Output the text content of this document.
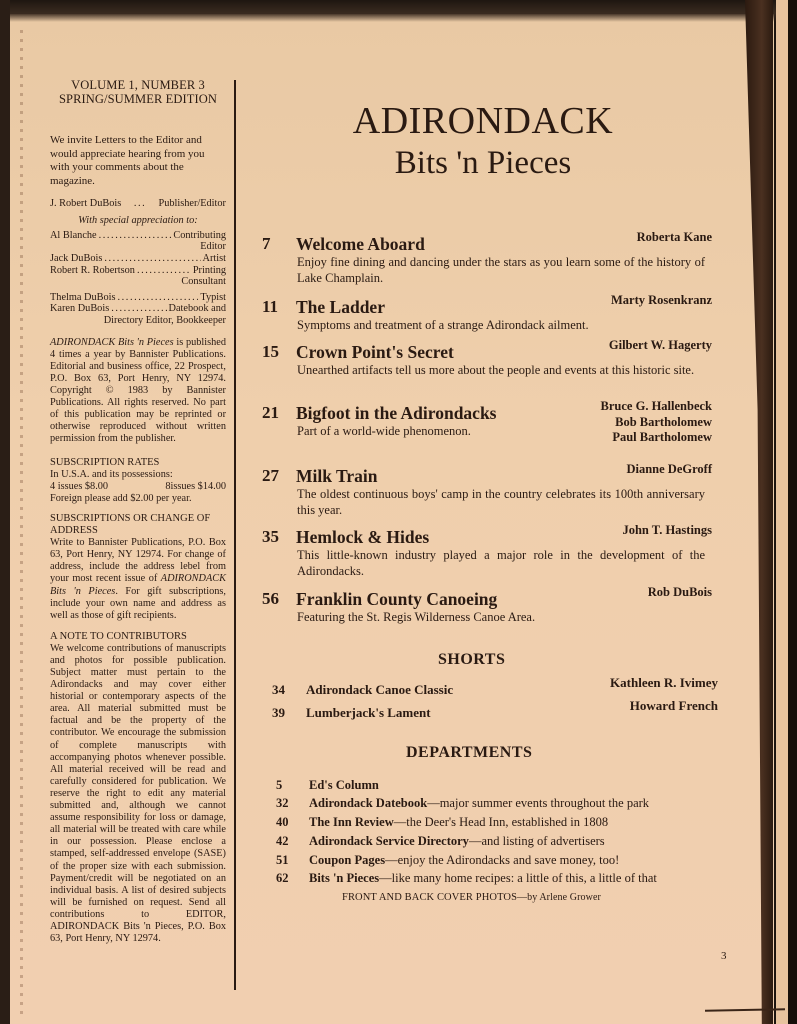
VOLUME 1, NUMBER 3
SPRING/SUMMER EDITION
We invite Letters to the Editor and would appreciate hearing from you with your comments about the magazine.
J. Robert DuBois . . .	Publisher/Editor
With special appreciation to:
Al Blanche . . .	Contributing
Editor
Jack DuBois . . .	Artist
Robert R. Robertson . . .	Printing
Consultant
Thelma DuBois . . .	Typist
Karen DuBois . . .	Datebook and
Directory Editor, Bookkeeper
ADIRONDACK Bits 'n Pieces is published 4 times a year by Bannister Publications. Editorial and business office, 22 Prospect, P.O. Box 63, Port Henry, NY 12974. Copyright © 1983 by Bannister Publications. All rights reserved. No part of this publication may be reprinted or otherwise reproduced without written permission from the publisher.
SUBSCRIPTION RATES
In U.S.A. and its possessions:
4 issues $8.00	8issues $14.00
Foreign please add $2.00 per year.
SUBSCRIPTIONS OR CHANGE OF ADDRESS
Write to Bannister Publications, P.O. Box 63, Port Henry, NY 12974. For change of address, include the address lebel from your most recent issue of ADIRONDACK Bits 'n Pieces. For gift subscriptions, include your own name and address as well as those of gift recipients.
A NOTE TO CONTRIBUTORS
We welcome contributions of manuscripts and photos for possible publication. Subject matter must pertain to the Adirondacks and may cover either historial or contemporary aspects of the area. All material submitted must be factual and be the property of the contributor. We encourage the submission of complete manuscripts with accompanying photos whenever possible. All material received will be read and carefully considered for publication. We reserve the right to edit any material submitted and, although we cannot assume responsibility for loss or damage, all material will be treated with care while in our possession. Please enclose a stamped, self-addressed envelope (SASE) of the proper size with each submission. Payment/credit will be negotiated on an individual basis. A list of desired subjects will be furnished on request. Send all contributions to EDITOR, ADIRONDACK Bits 'n Pieces, P.O. Box 63, Port Henry, NY 12974.
ADIRONDACK
Bits 'n Pieces
7 Welcome Aboard	Roberta Kane
Enjoy fine dining and dancing under the stars as you learn some of the history of Lake Champlain.
11 The Ladder	Marty Rosenkranz
Symptoms and treatment of a strange Adirondack ailment.
15 Crown Point's Secret	Gilbert W. Hagerty
Unearthed artifacts tell us more about the people and events at this historic site.
21 Bigfoot in the Adirondacks	Bruce G. Hallenbeck
Bob Bartholomew
Paul Bartholomew
Part of a world-wide phenomenon.
27 Milk Train	Dianne DeGroff
The oldest continuous boys' camp in the country celebrates its 100th anniversary this year.
35 Hemlock & Hides	John T. Hastings
This little-known industry played a major role in the development of the Adirondacks.
56 Franklin County Canoeing	Rob DuBois
Featuring the St. Regis Wilderness Canoe Area.
SHORTS
34 Adirondack Canoe Classic	Kathleen R. Ivimey
39 Lumberjack's Lament	Howard French
DEPARTMENTS
5 Ed's Column
32 Adirondack Datebook—major summer events throughout the park
40 The Inn Review—the Deer's Head Inn, established in 1808
42 Adirondack Service Directory—and listing of advertisers
51 Coupon Pages—enjoy the Adirondacks and save money, too!
62 Bits 'n Pieces—like many home recipes: a little of this, a little of that
FRONT AND BACK COVER PHOTOS—by Arlene Grower
3
